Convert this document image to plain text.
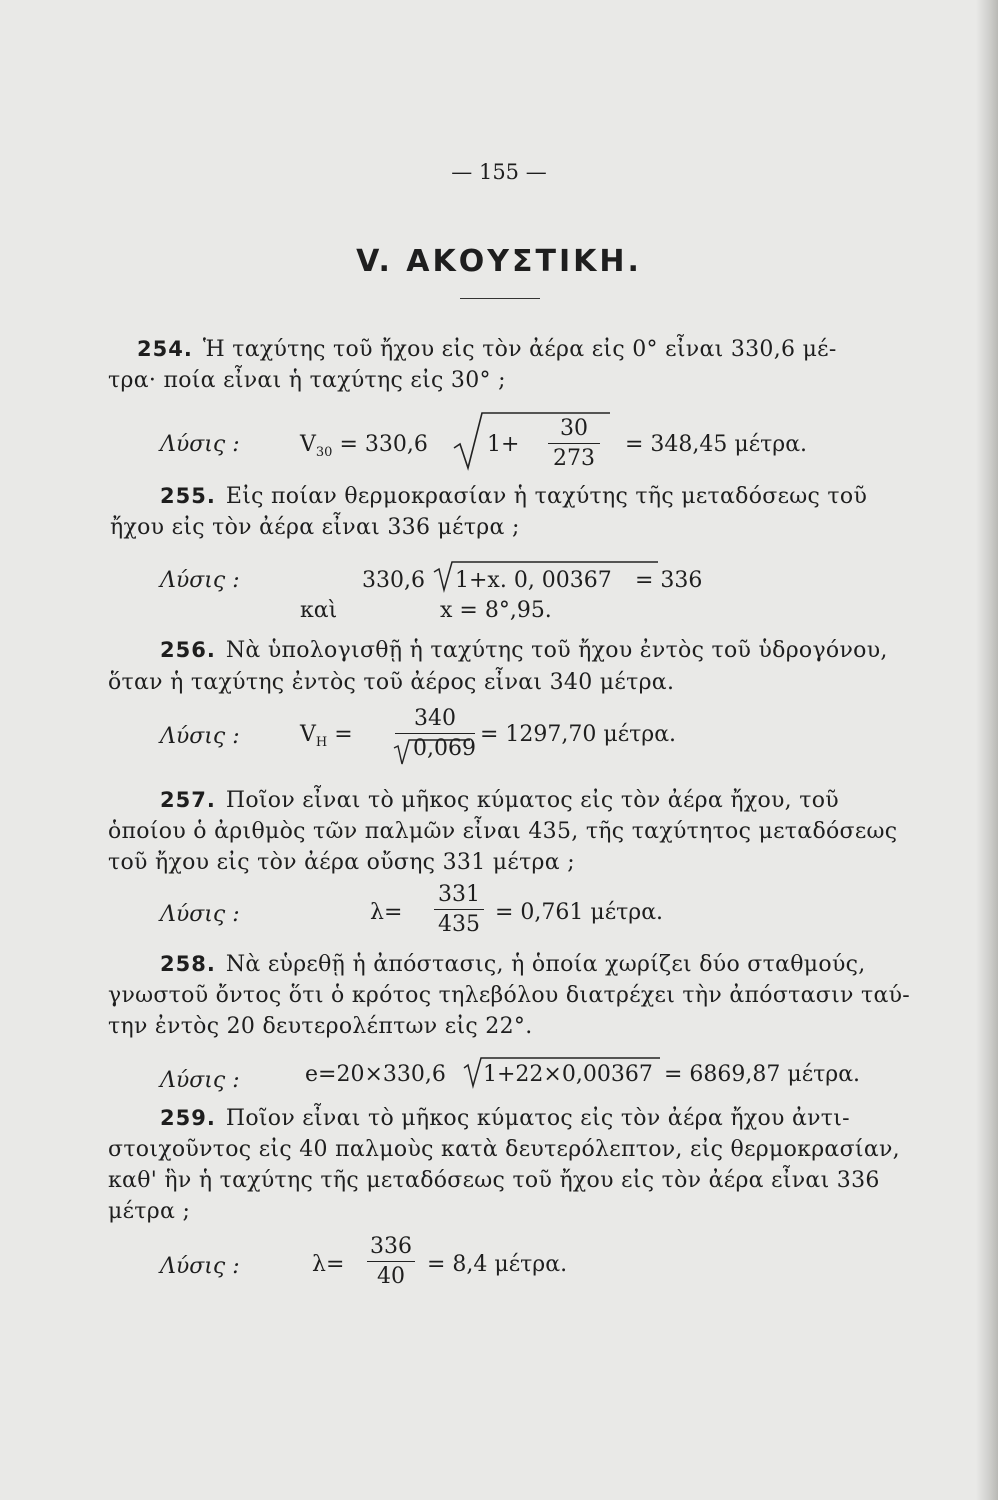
— 155 —
V. ΑΚΟΥΣΤΙΚΗ.
254. Ἡ ταχύτης τοῦ ἤχου εἰς τὸν ἀέρα εἰς 0° εἶναι 330,6 μέ-
τρα· ποία εἶναι ἡ ταχύτης εἰς 30° ;
Λύσις :	$V_{30} = 330,6$	1+
30
273
= 348,45 μέτρα.
255. Εἰς ποίαν θερμοκρασίαν ἡ ταχύτης τῆς μεταδόσεως τοῦ
ἤχου εἰς τὸν ἀέρα εἶναι 336 μέτρα ;
Λύσις :	330,6 1+x. 0, 00367 = 336
καὶ	x = 8°,95.
256. Νὰ ὑπολογισθῇ ἡ ταχύτης τοῦ ἤχου ἐντὸς τοῦ ὑδρογόνου,
ὅταν ἡ ταχύτης ἐντὸς τοῦ ἀέρος εἶναι 340 μέτρα.
Λύσις :	$V_H$ =
340
0,069
= 1297,70 μέτρα.
257. Ποῖον εἶναι τὸ μῆκος κύματος εἰς τὸν ἀέρα ἤχου, τοῦ
ὁποίου ὁ ἀριθμὸς τῶν παλμῶν εἶναι 435, τῆς ταχύτητος μεταδόσεως
τοῦ ἤχου εἰς τὸν ἀέρα οὔσης 331 μέτρα ;
Λύσις :	λ=
331
435 = 0,761 μέτρα.
258. Νὰ εὑρεθῇ ἡ ἀπόστασις, ἡ ὁποία χωρίζει δύο σταθμούς,
γνωστοῦ ὄντος ὅτι ὁ κρότος τηλεβόλου διατρέχει τὴν ἀπόστασιν ταύ-
την ἐντὸς 20 δευτερολέπτων εἰς 22°.
Λύσις :	e=20×330,6 1+22×0,00367 = 6869,87 μέτρα.
259. Ποῖον εἶναι τὸ μῆκος κύματος εἰς τὸν ἀέρα ἤχου ἀντι-
στοιχοῦντος εἰς 40 παλμοὺς κατὰ δευτερόλεπτον, εἰς θερμοκρασίαν,
καθ' ἣν ἡ ταχύτης τῆς μεταδόσεως τοῦ ἤχου εἰς τὸν ἀέρα εἶναι 336
μέτρα ;
Λύσις :	λ=
336
40	= 8,4 μέτρα.
